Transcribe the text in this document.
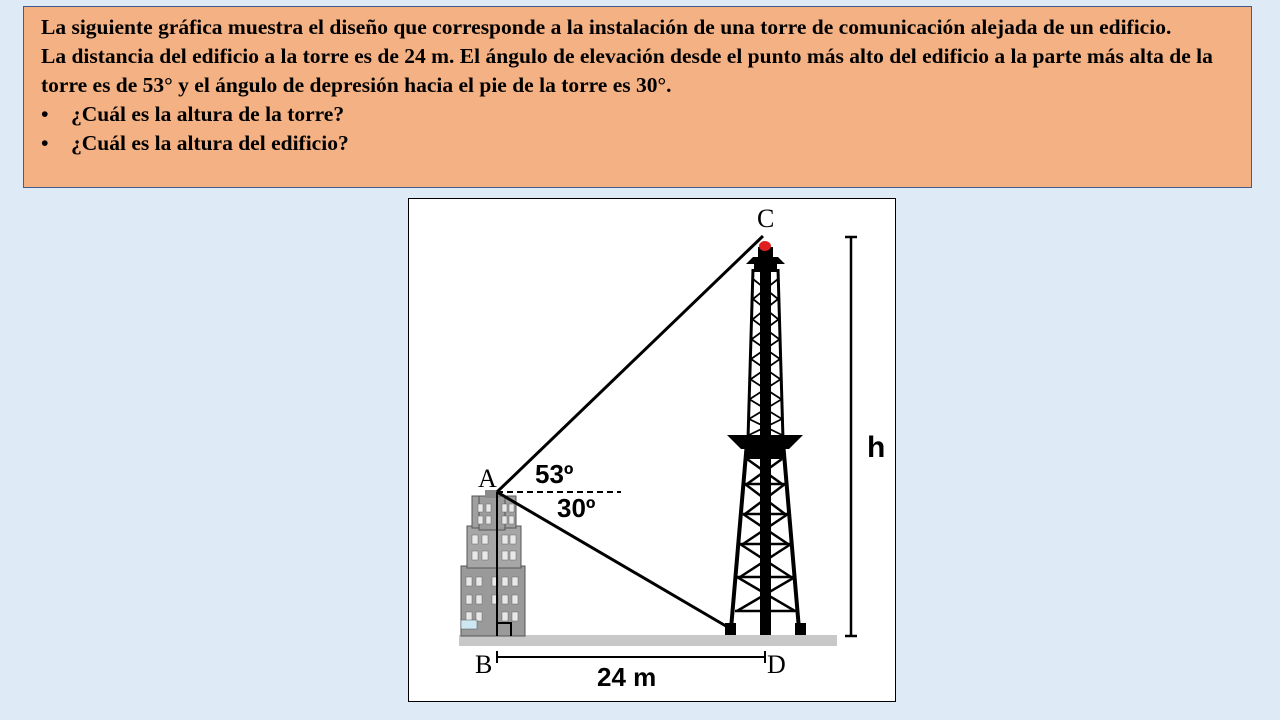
La siguiente gráfica muestra el diseño que corresponde a la instalación de una torre de comunicación alejada de un edificio.

La distancia del edificio a la torre es de 24 m. El ángulo de elevación desde el punto más alto del edificio a la parte más alta de la torre es de 53° y el ángulo de depresión hacia el pie de la torre es 30°.

• ¿Cuál es la altura de la torre?
• ¿Cuál es la altura del edificio?
C
A
B	D
53º
30º
24 m
h
